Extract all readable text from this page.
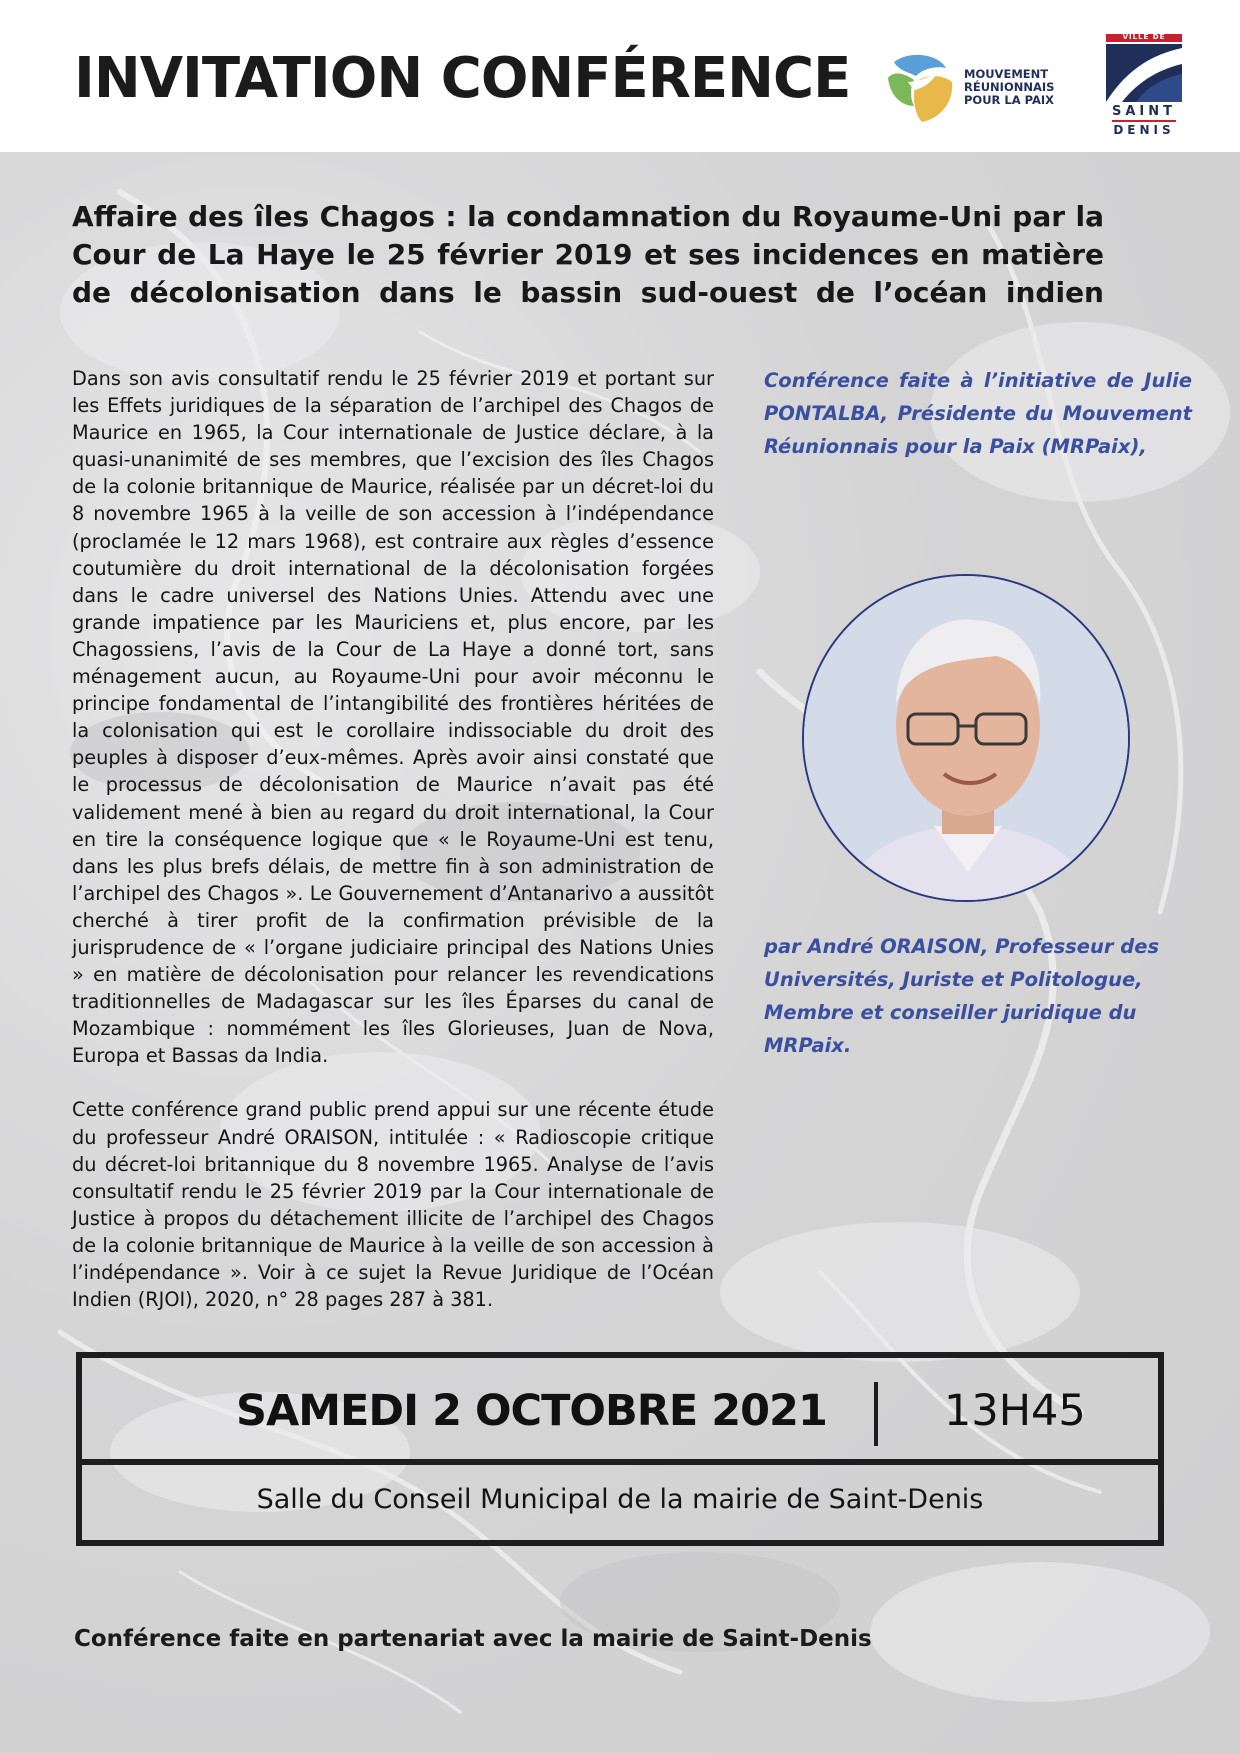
INVITATION CONFÉRENCE	MOUVEMENT
RÉUNIONNAIS
POUR LA PAIX
VILLE DE
SAINT
DENIS
Affaire des îles Chagos : la condamnation du Royaume-Uni par la Cour de La Haye le 25 février 2019 et ses incidences en matière de décolonisation dans le bassin sud-ouest de l’océan indien

Dans son avis consultatif rendu le 25 février 2019 et portant sur les Effets juridiques de la séparation de l’archipel des Chagos de Maurice en 1965, la Cour internationale de Justice déclare, à la quasi-unanimité de ses membres, que l’excision des îles Chagos de la colonie britannique de Maurice, réalisée par un décret-loi du 8 novembre 1965 à la veille de son accession à l’indépendance (proclamée le 12 mars 1968), est contraire aux règles d’essence coutumière du droit international de la décolonisation forgées dans le cadre universel des Nations Unies. Attendu avec une grande impatience par les Mauriciens et, plus encore, par les Chagossiens, l’avis de la Cour de La Haye a donné tort, sans ménagement aucun, au Royaume-Uni pour avoir méconnu le principe fondamental de l’intangibilité des frontières héritées de la colonisation qui est le corollaire indissociable du droit des peuples à disposer d’eux-mêmes. Après avoir ainsi constaté que le processus de décolonisation de Maurice n’avait pas été validement mené à bien au regard du droit international, la Cour en tire la conséquence logique que « le Royaume-Uni est tenu, dans les plus brefs délais, de mettre fin à son administration de l’archipel des Chagos ». Le Gouvernement d’Antanarivo a aussitôt cherché à tirer profit de la confirmation prévisible de la jurisprudence de « l’organe judiciaire principal des Nations Unies » en matière de décolonisation pour relancer les revendications traditionnelles de Madagascar sur les îles Éparses du canal de Mozambique : nommément les îles Glorieuses, Juan de Nova, Europa et Bassas da India.

Cette conférence grand public prend appui sur une récente étude du professeur André ORAISON, intitulée : « Radioscopie critique du décret-loi britannique du 8 novembre 1965. Analyse de l’avis consultatif rendu le 25 février 2019 par la Cour internationale de Justice à propos du détachement illicite de l’archipel des Chagos de la colonie britannique de Maurice à la veille de son accession à l’indépendance ». Voir à ce sujet la Revue Juridique de l’Océan Indien (RJOI), 2020, n° 28 pages 287 à 381.

Conférence faite à l’initiative de Julie PONTALBA, Présidente du Mouvement Réunionnais pour la Paix (MRPaix),

par André ORAISON, Professeur des Universités, Juriste et Politologue, Membre et conseiller juridique du MRPaix.

SAMEDI 2 OCTOBRE 2021	13H45
Salle du Conseil Municipal de la mairie de Saint-Denis
Conférence faite en partenariat avec la mairie de Saint-Denis
